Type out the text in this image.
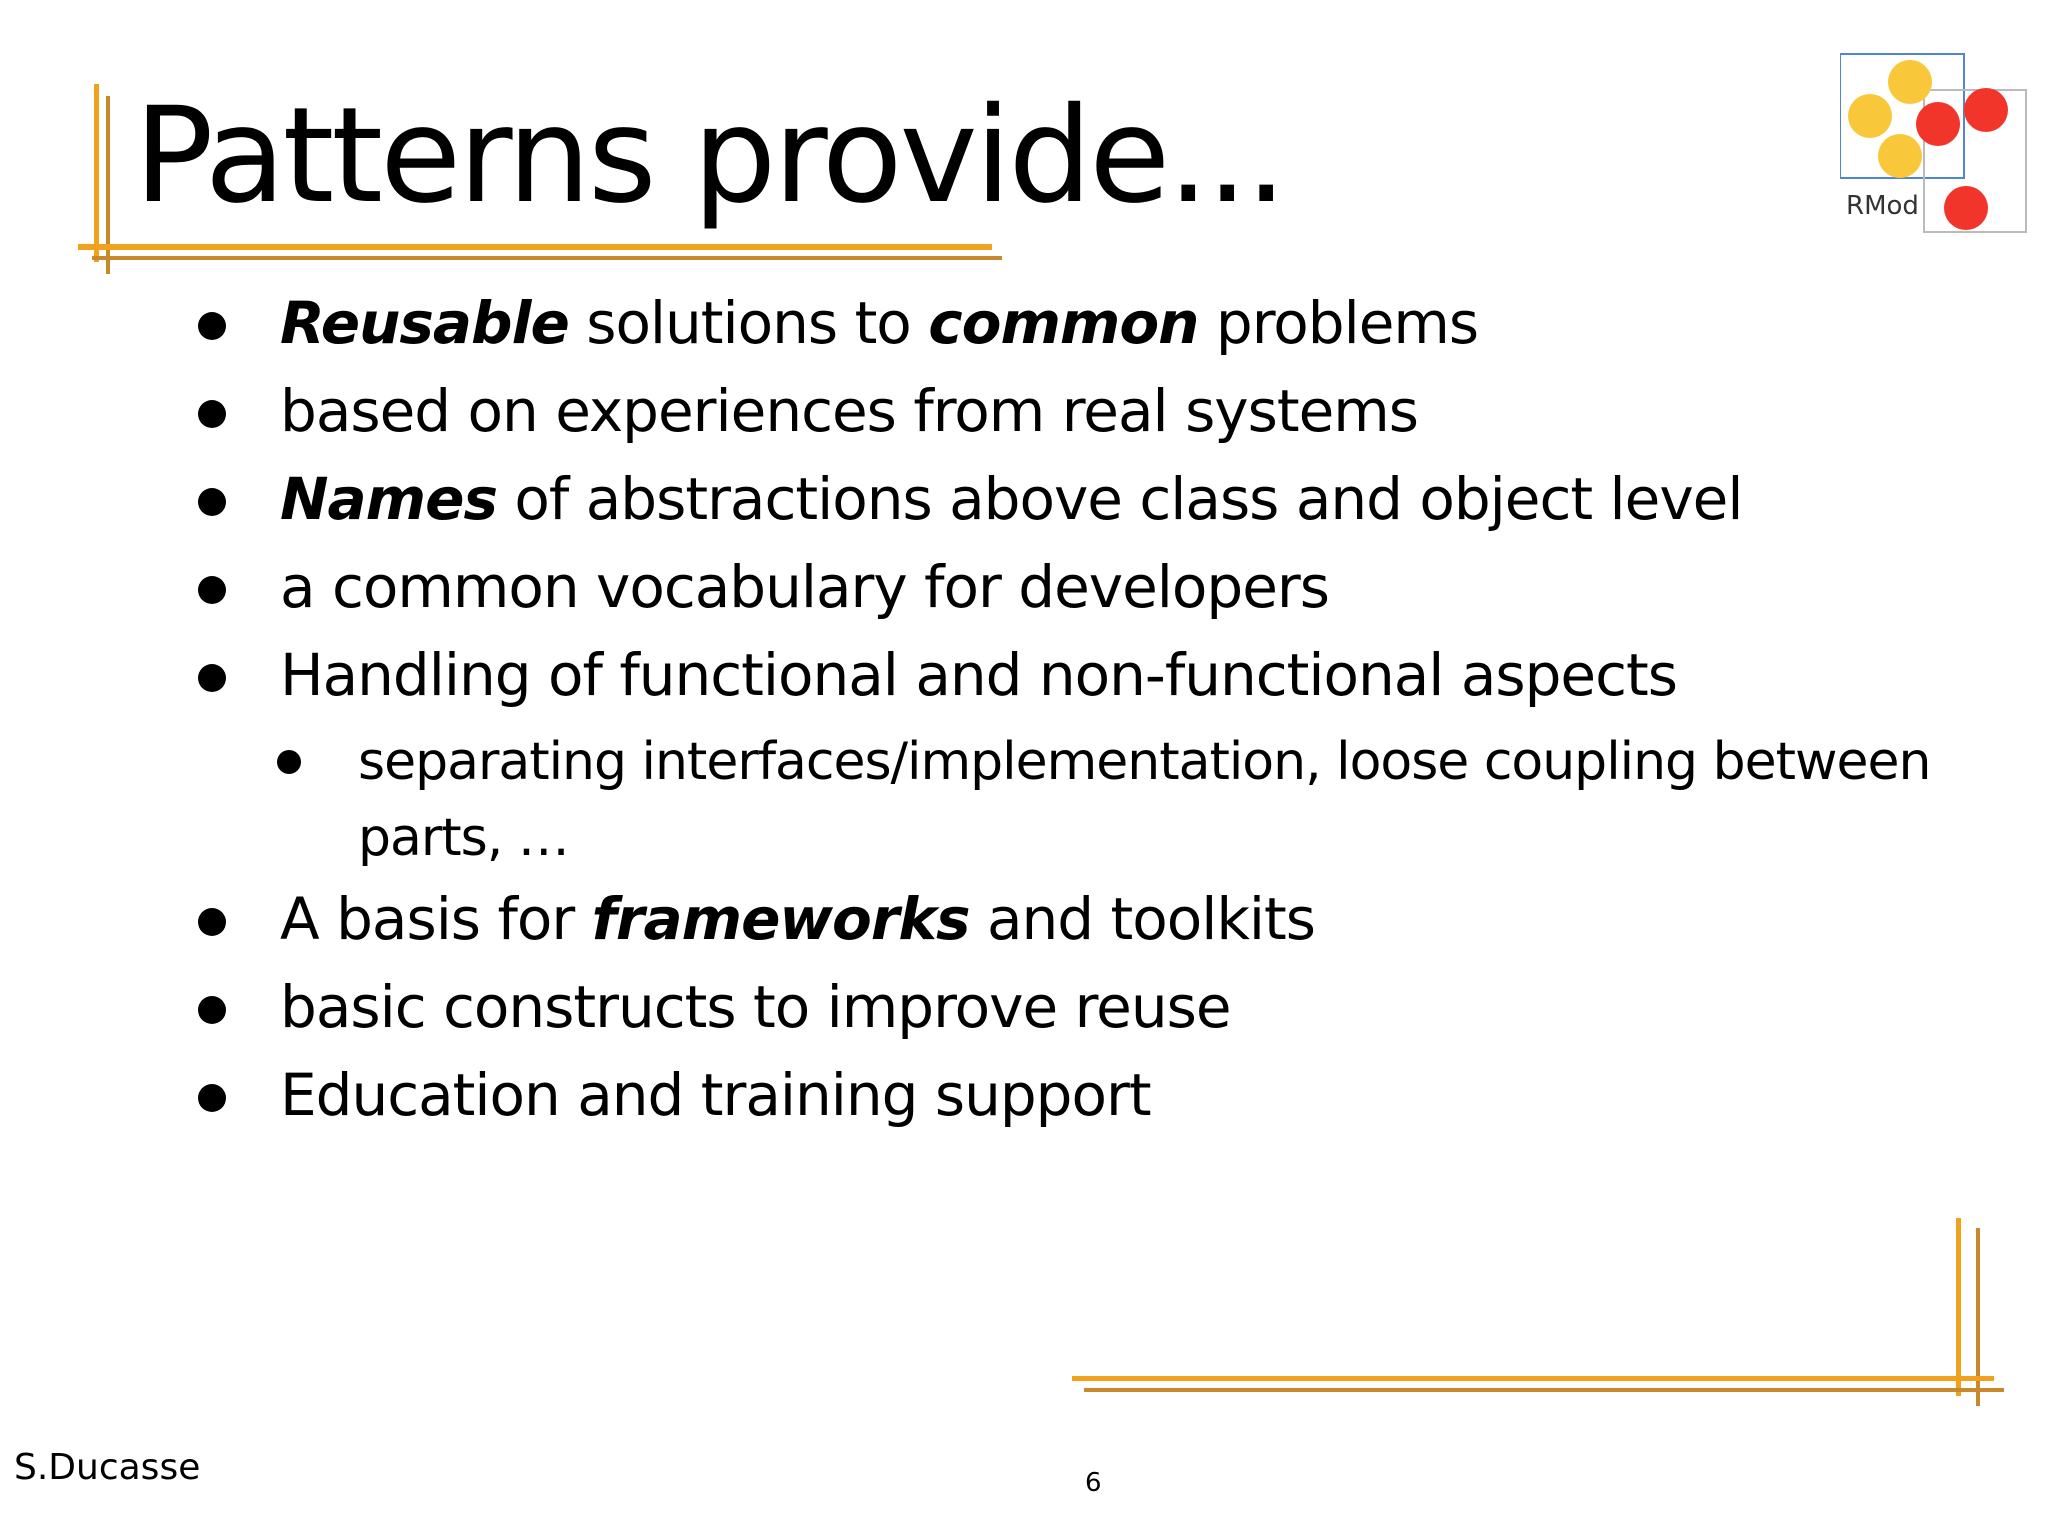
Patterns provide...	RMod
Reusable solutions to common problems
based on experiences from real systems
Names of abstractions above class and object level
a common vocabulary for developers
Handling of functional and non-functional aspects
separating interfaces/implementation, loose coupling between
parts, …
A basis for frameworks and toolkits
basic constructs to improve reuse
Education and training support
S.Ducasse	6
